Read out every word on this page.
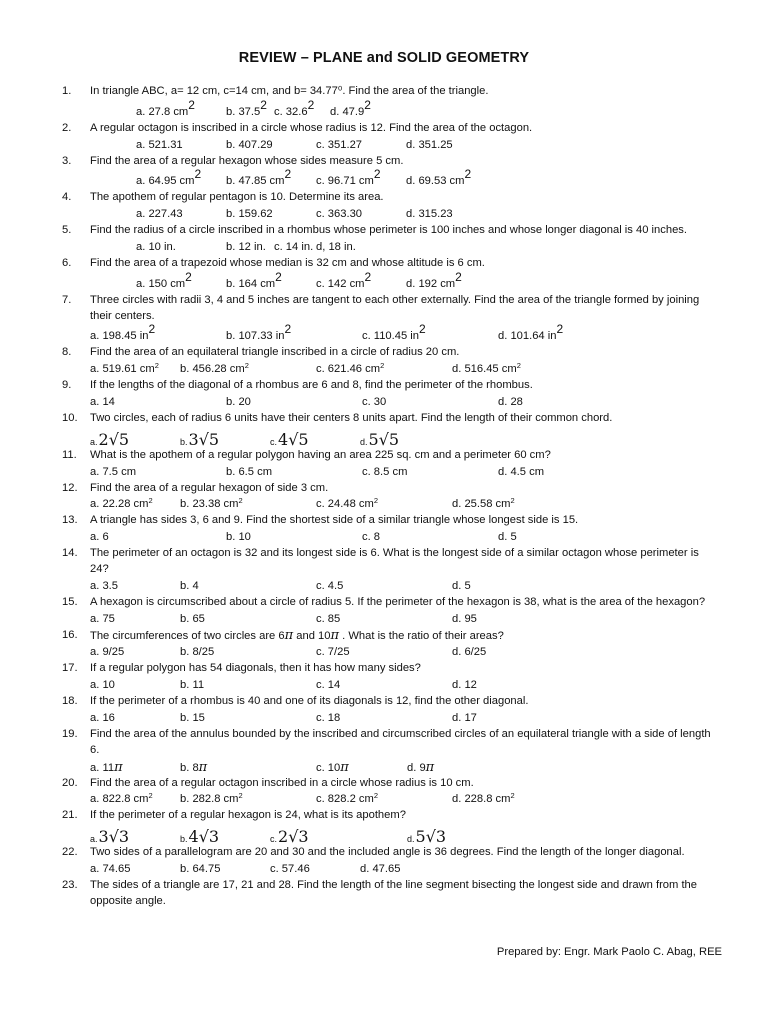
REVIEW – PLANE and SOLID GEOMETRY
1. In triangle ABC, a= 12 cm, c=14 cm, and b= 34.77⁰. Find the area of the triangle.
a. 27.8 $cm^2$	b. 37.5$^2$ c. 32.6$^2$ d. 47.9$^2$
2. A regular octagon is inscribed in a circle whose radius is 12. Find the area of the octagon.
a. 521.31	b. 407.29	c. 351.27	d. 351.25
3. Find the area of a regular hexagon whose sides measure 5 cm.
a. 64.95 $cm^2$ b. 47.85 $cm^2$ c. 96.71 $cm^2$ d. 69.53 $cm^2$
4. The apothem of regular pentagon is 10. Determine its area.
a. 227.43	b. 159.62	c. 363.30	d. 315.23
5. Find the radius of a circle inscribed in a rhombus whose perimeter is 100 inches and whose longer diagonal is 40 inches.
a. 10 in.	b. 12 in. c. 14 in. d, 18 in.
6. Find the area of a trapezoid whose median is 32 cm and whose altitude is 6 cm.
a. 150 $cm^2$	b. 164 $cm^2$	c. 142 $cm^2$	d. 192 $cm^2$
7. Three circles with radii 3, 4 and 5 inches are tangent to each other externally. Find the area of the triangle formed by joining their centers.
a. 198.45 $in^2$	b. 107.33 $in^2$	c. 110.45 $in^2$	d. 101.64 $in^2$
8. Find the area of an equilateral triangle inscribed in a circle of radius 20 cm.
a. 519.61 $cm^2$ b. 456.28 $cm^2$	c. 621.46 $cm^2$	d. 516.45 $cm^2$
9. If the lengths of the diagonal of a rhombus are 6 and 8, find the perimeter of the rhombus.
a. 14	b. 20	c. 30	d. 28
10. Two circles, each of radius 6 units have their centers 8 units apart. Find the length of their common chord.
a.2√5	b.3√5	c.4√5	d.5√5
11. What is the apothem of a regular polygon having an area 225 sq. cm and a perimeter 60 cm?
a. 7.5 cm	b. 6.5 cm	c. 8.5 cm	d. 4.5 cm
12. Find the area of a regular hexagon of side 3 cm.
a. 22.28 $cm^2$ b. 23.38 $cm^2$	c. 24.48 $cm^2$	d. 25.58 $cm^2$
13. A triangle has sides 3, 6 and 9. Find the shortest side of a similar triangle whose longest side is 15.
a. 6	b. 10	c. 8	d. 5
14. The perimeter of an octagon is 32 and its longest side is 6. What is the longest side of a similar octagon whose perimeter is 24?
a. 3.5	b. 4	c. 4.5	d. 5
15. A hexagon is circumscribed about a circle of radius 5. If the perimeter of the hexagon is 38, what is the area of the hexagon?
a. 75	b. 65	c. 85	d. 95
16. The circumferences of two circles are 6π and 10π . What is the ratio of their areas?
a. 9/25	b. 8/25	c. 7/25	d. 6/25
17. If a regular polygon has 54 diagonals, then it has how many sides?
a. 10	b. 11	c. 14	d. 12
18. If the perimeter of a rhombus is 40 and one of its diagonals is 12, find the other diagonal.
a. 16	b. 15	c. 18	d. 17
19. Find the area of the annulus bounded by the inscribed and circumscribed circles of an equilateral triangle with a side of length 6.
a. 11π	b. 8π	c. 10π	d. 9π
20. Find the area of a regular octagon inscribed in a circle whose radius is 10 cm.
a. 822.8 $cm^2$ b. 282.8 $cm^2$	c. 828.2 $cm^2$	d. 228.8 $cm^2$
21. If the perimeter of a regular hexagon is 24, what is its apothem?
a.3√3	b.4√3	c.2√3	d.5√3
22. Two sides of a parallelogram are 20 and 30 and the included angle is 36 degrees. Find the length of the longer diagonal.
a. 74.65	b. 64.75	c. 57.46	d. 47.65
23. The sides of a triangle are 17, 21 and 28. Find the length of the line segment bisecting the longest side and drawn from the opposite angle.
Prepared by: Engr. Mark Paolo C. Abag, REE
